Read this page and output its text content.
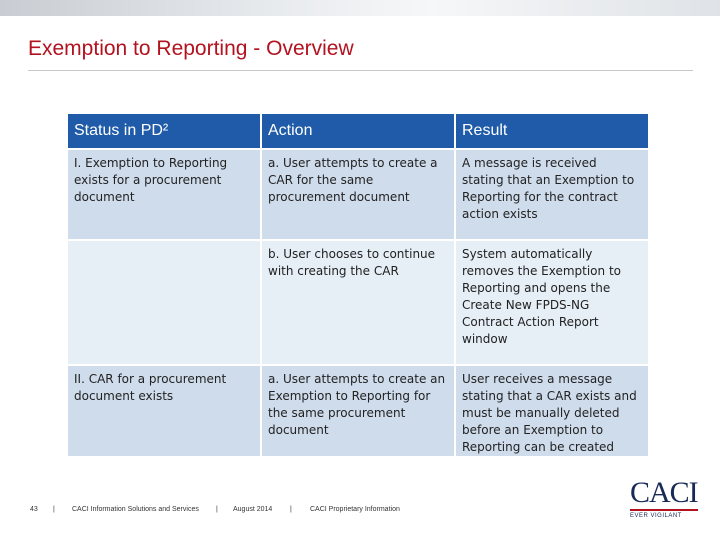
Exemption to Reporting - Overview
Status in PD²	Action	Result
I. Exemption to Reporting exists for a procurement document	a. User attempts to create a CAR for the same procurement document	A message is received stating that an Exemption to Reporting for the contract action exists
	b. User chooses to continue with creating the CAR	System automatically removes the Exemption to Reporting and opens the Create New FPDS-NG Contract Action Report window
II. CAR for a procurement document exists	a. User attempts to create an Exemption to Reporting for the same procurement document	User receives a message stating that a CAR exists and must be manually deleted before an Exemption to Reporting can be created
43 | CACI Information Solutions and Services | August 2014	|	CACI Proprietary Information
CACI
EVER VIGILANT
